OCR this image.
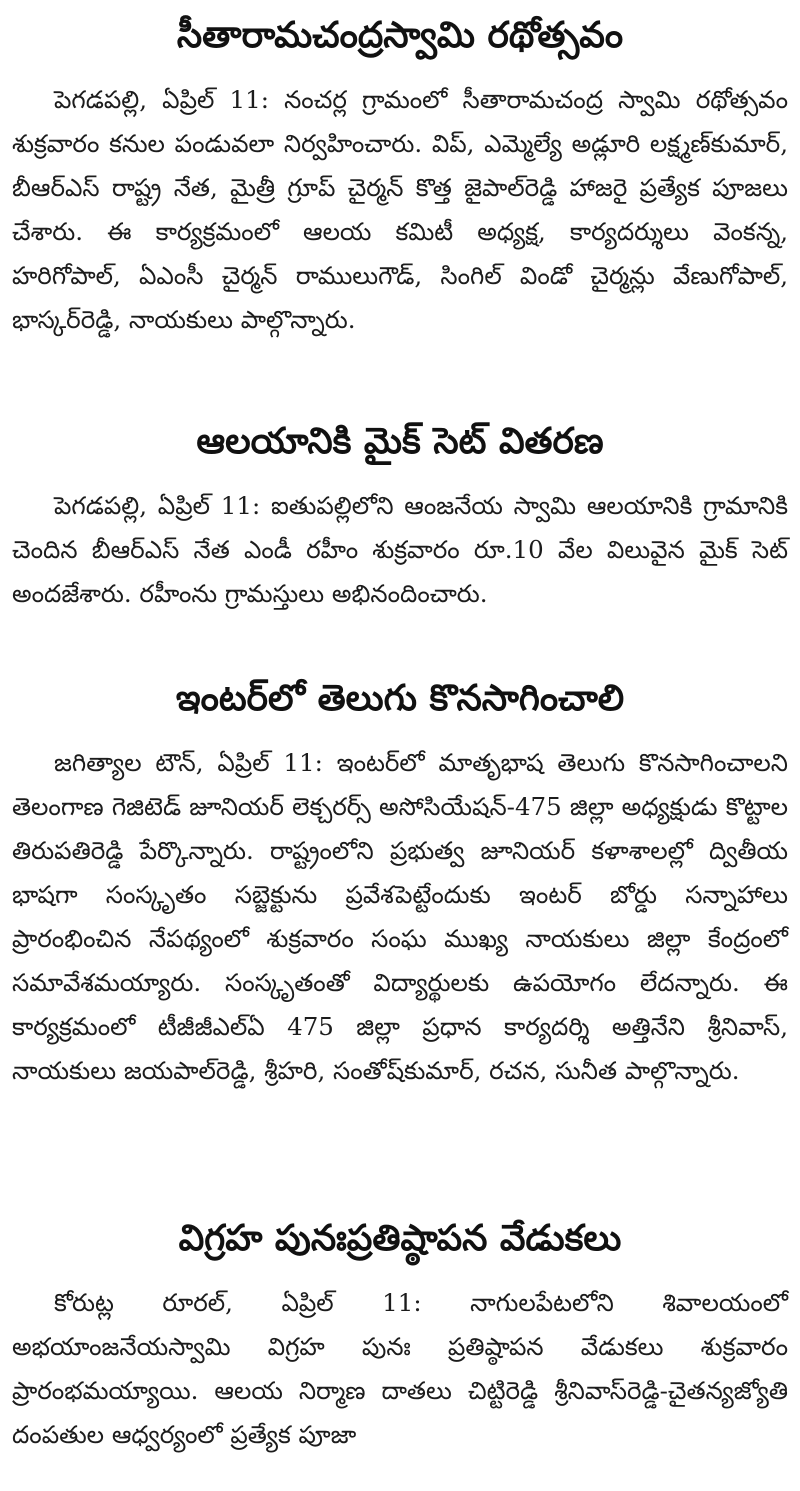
సీతారామచంద్రస్వామి రథోత్సవం

పెగడపల్లి, ఏప్రిల్ 11: నంచర్ల గ్రామంలో సీతారామచంద్ర స్వామి రథోత్సవం శుక్రవారం కనుల పండువలా నిర్వహించారు. విప్, ఎమ్మెల్యే అడ్లూరి లక్ష్మణ్‌కుమార్, బీఆర్ఎస్ రాష్ట్ర నేత, మైత్రీ గ్రూప్ చైర్మన్ కొత్త జైపాల్‌రెడ్డి హాజరై ప్రత్యేక పూజలు చేశారు. ఈ కార్యక్రమంలో ఆలయ కమిటీ అధ్యక్ష, కార్యదర్శులు వెంకన్న, హరిగోపాల్, ఏఎంసీ చైర్మన్ రాములుగౌడ్, సింగిల్ విండో చైర్మన్లు వేణుగోపాల్, భాస్కర్‌రెడ్డి, నాయకులు పాల్గొన్నారు.

ఆలయానికి మైక్ సెట్ వితరణ

పెగడపల్లి, ఏప్రిల్ 11: ఐతుపల్లిలోని ఆంజనేయ స్వామి ఆలయానికి గ్రామానికి చెందిన బీఆర్ఎస్ నేత ఎండీ రహీం శుక్రవారం రూ.10 వేల విలువైన మైక్ సెట్ అందజేశారు. రహీంను గ్రామస్తులు అభినందించారు.

ఇంటర్‌లో తెలుగు కొనసాగించాలి

జగిత్యాల టౌన్, ఏప్రిల్ 11: ఇంటర్‌లో మాతృభాష తెలుగు కొనసాగించాలని తెలంగాణ గెజిటెడ్ జూనియర్ లెక్చరర్స్ అసోసియేషన్-475 జిల్లా అధ్యక్షుడు కొట్టాల తిరుపతిరెడ్డి పేర్కొన్నారు. రాష్ట్రంలోని ప్రభుత్వ జూనియర్ కళాశాలల్లో ద్వితీయ భాషగా సంస్కృతం సబ్జెక్టును ప్రవేశపెట్టేందుకు ఇంటర్ బోర్డు సన్నాహాలు ప్రారంభించిన నేపథ్యంలో శుక్రవారం సంఘ ముఖ్య నాయకులు జిల్లా కేంద్రంలో సమావేశమయ్యారు. సంస్కృతంతో విద్యార్థులకు ఉపయోగం లేదన్నారు. ఈ కార్యక్రమంలో టీజీజీఎల్ఏ 475 జిల్లా ప్రధాన కార్యదర్శి అత్తినేని శ్రీనివాస్, నాయకులు జయపాల్‌రెడ్డి, శ్రీహరి, సంతోష్‌కుమార్, రచన, సునీత పాల్గొన్నారు.

విగ్రహ పునఃప్రతిష్ఠాపన వేడుకలు

కోరుట్ల రూరల్, ఏప్రిల్ 11: నాగులపేటలోని శివాలయంలో అభయాంజనేయస్వామి విగ్రహ పునః ప్రతిష్ఠాపన వేడుకలు శుక్రవారం ప్రారంభమయ్యాయి. ఆలయ నిర్మాణ దాతలు చిట్టిరెడ్డి శ్రీనివాస్‌రెడ్డి-చైతన్యజ్యోతి దంపతుల ఆధ్వర్యంలో ప్రత్యేక పూజా
